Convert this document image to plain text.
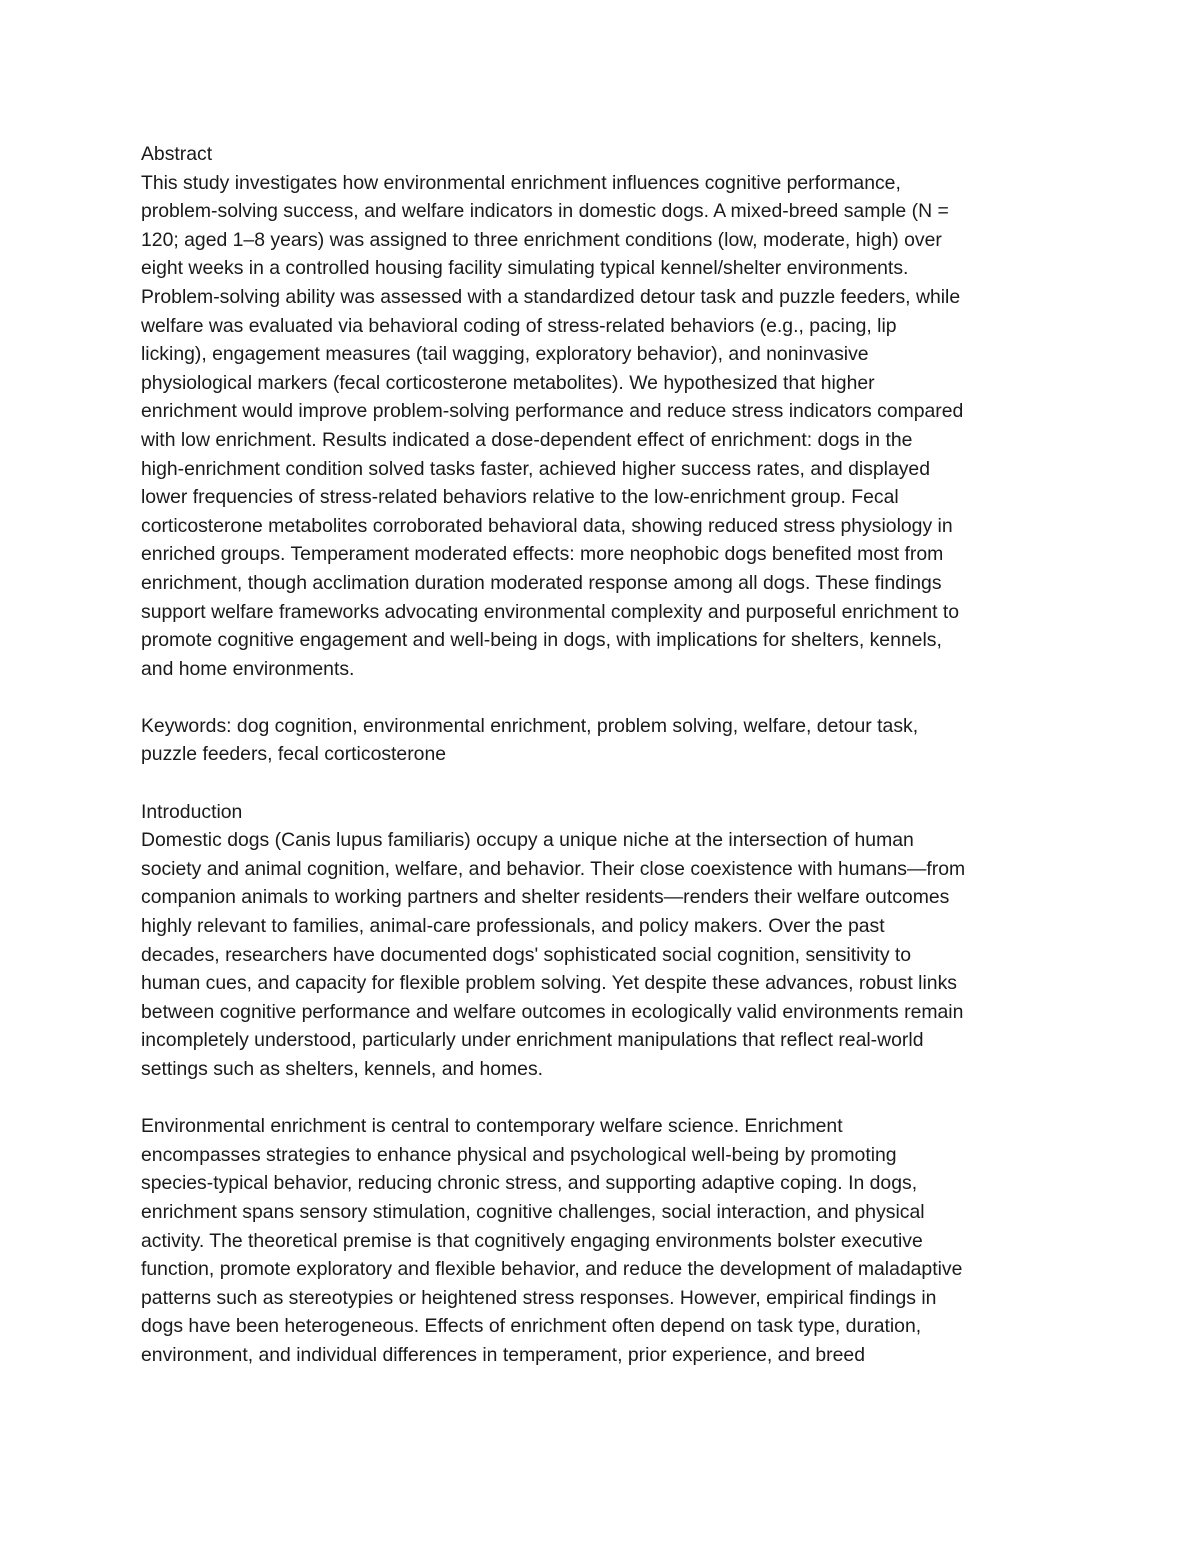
Abstract

This study investigates how environmental enrichment influences cognitive performance,
problem-solving success, and welfare indicators in domestic dogs. A mixed-breed sample (N =
120; aged 1–8 years) was assigned to three enrichment conditions (low, moderate, high) over
eight weeks in a controlled housing facility simulating typical kennel/shelter environments.
Problem-solving ability was assessed with a standardized detour task and puzzle feeders, while
welfare was evaluated via behavioral coding of stress-related behaviors (e.g., pacing, lip
licking), engagement measures (tail wagging, exploratory behavior), and noninvasive
physiological markers (fecal corticosterone metabolites). We hypothesized that higher
enrichment would improve problem-solving performance and reduce stress indicators compared
with low enrichment. Results indicated a dose-dependent effect of enrichment: dogs in the
high-enrichment condition solved tasks faster, achieved higher success rates, and displayed
lower frequencies of stress-related behaviors relative to the low-enrichment group. Fecal
corticosterone metabolites corroborated behavioral data, showing reduced stress physiology in
enriched groups. Temperament moderated effects: more neophobic dogs benefited most from
enrichment, though acclimation duration moderated response among all dogs. These findings
support welfare frameworks advocating environmental complexity and purposeful enrichment to
promote cognitive engagement and well-being in dogs, with implications for shelters, kennels,
and home environments.

Keywords: dog cognition, environmental enrichment, problem solving, welfare, detour task,
puzzle feeders, fecal corticosterone

Introduction

Domestic dogs (Canis lupus familiaris) occupy a unique niche at the intersection of human
society and animal cognition, welfare, and behavior. Their close coexistence with humans—from
companion animals to working partners and shelter residents—renders their welfare outcomes
highly relevant to families, animal-care professionals, and policy makers. Over the past
decades, researchers have documented dogs' sophisticated social cognition, sensitivity to
human cues, and capacity for flexible problem solving. Yet despite these advances, robust links
between cognitive performance and welfare outcomes in ecologically valid environments remain
incompletely understood, particularly under enrichment manipulations that reflect real-world
settings such as shelters, kennels, and homes.

Environmental enrichment is central to contemporary welfare science. Enrichment
encompasses strategies to enhance physical and psychological well-being by promoting
species-typical behavior, reducing chronic stress, and supporting adaptive coping. In dogs,
enrichment spans sensory stimulation, cognitive challenges, social interaction, and physical
activity. The theoretical premise is that cognitively engaging environments bolster executive
function, promote exploratory and flexible behavior, and reduce the development of maladaptive
patterns such as stereotypies or heightened stress responses. However, empirical findings in
dogs have been heterogeneous. Effects of enrichment often depend on task type, duration,
environment, and individual differences in temperament, prior experience, and breed
